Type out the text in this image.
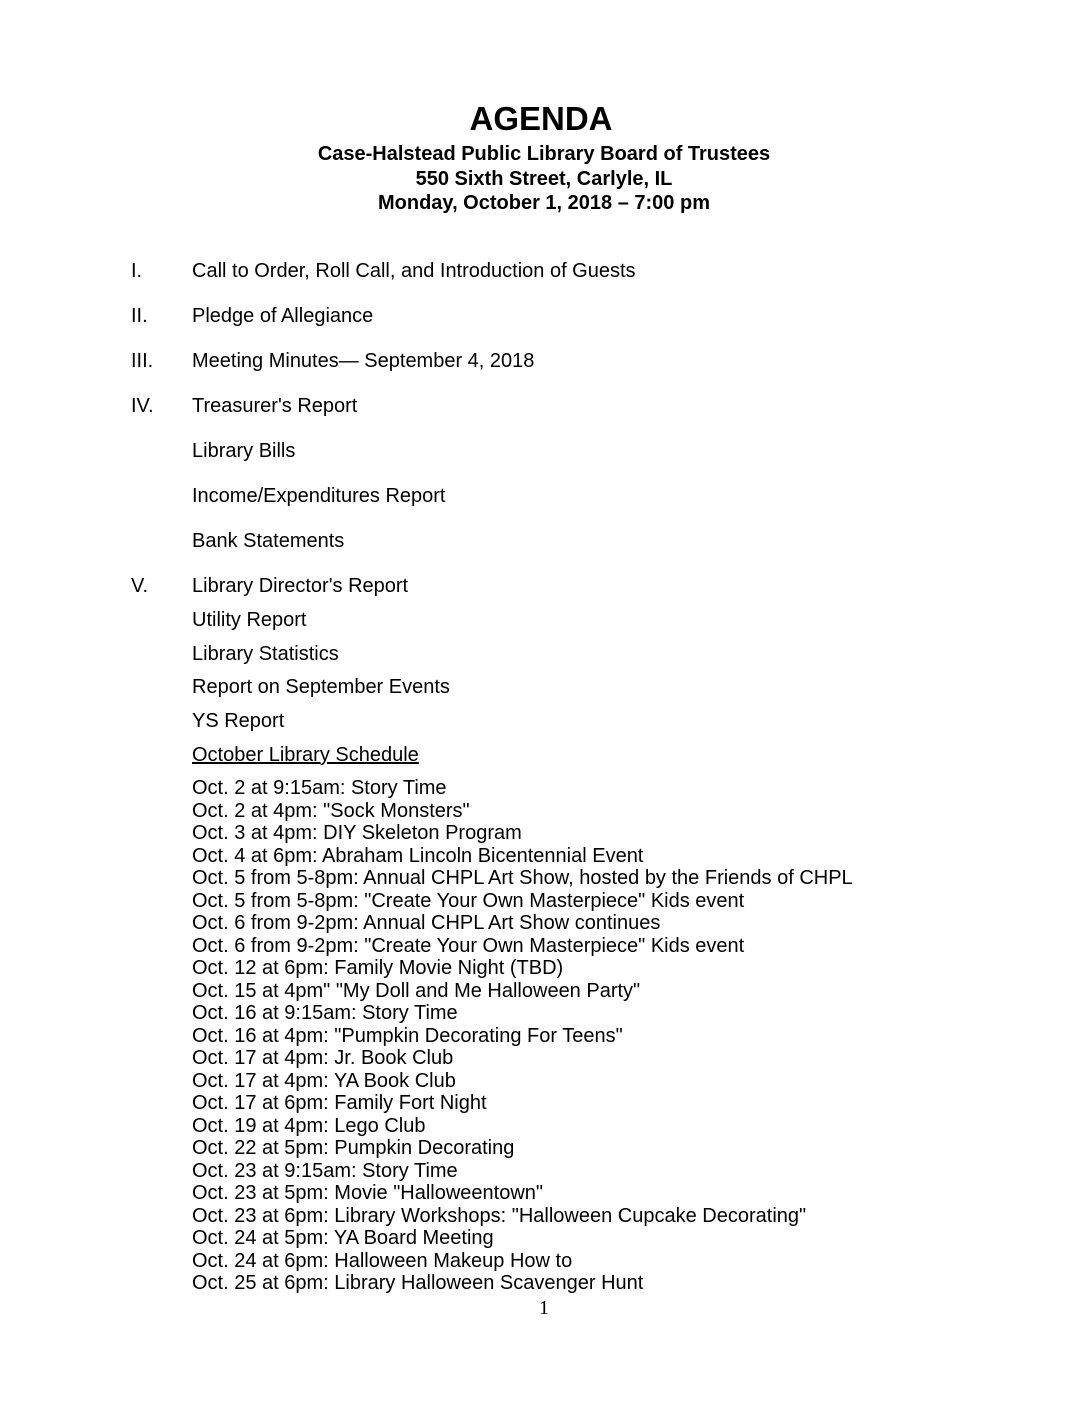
AGENDA
Case-Halstead Public Library Board of Trustees
550 Sixth Street, Carlyle, IL
Monday, October 1, 2018 – 7:00 pm
I. Call to Order, Roll Call, and Introduction of Guests
II. Pledge of Allegiance
III. Meeting Minutes— September 4, 2018
IV. Treasurer's Report
Library Bills
Income/Expenditures Report
Bank Statements
V. Library Director's Report
Utility Report
Library Statistics
Report on September Events
YS Report
October Library Schedule
Oct. 2 at 9:15am: Story Time
Oct. 2 at 4pm: "Sock Monsters"
Oct. 3 at 4pm: DIY Skeleton Program
Oct. 4 at 6pm: Abraham Lincoln Bicentennial Event
Oct. 5 from 5-8pm: Annual CHPL Art Show, hosted by the Friends of CHPL
Oct. 5 from 5-8pm: "Create Your Own Masterpiece" Kids event
Oct. 6 from 9-2pm: Annual CHPL Art Show continues
Oct. 6 from 9-2pm: "Create Your Own Masterpiece" Kids event
Oct. 12 at 6pm: Family Movie Night (TBD)
Oct. 15 at 4pm" "My Doll and Me Halloween Party"
Oct. 16 at 9:15am: Story Time
Oct. 16 at 4pm: "Pumpkin Decorating For Teens"
Oct. 17 at 4pm: Jr. Book Club
Oct. 17 at 4pm: YA Book Club
Oct. 17 at 6pm: Family Fort Night
Oct. 19 at 4pm: Lego Club
Oct. 22 at 5pm: Pumpkin Decorating
Oct. 23 at 9:15am: Story Time
Oct. 23 at 5pm: Movie "Halloweentown"
Oct. 23 at 6pm: Library Workshops: "Halloween Cupcake Decorating"
Oct. 24 at 5pm: YA Board Meeting
Oct. 24 at 6pm: Halloween Makeup How to
Oct. 25 at 6pm: Library Halloween Scavenger Hunt
1
